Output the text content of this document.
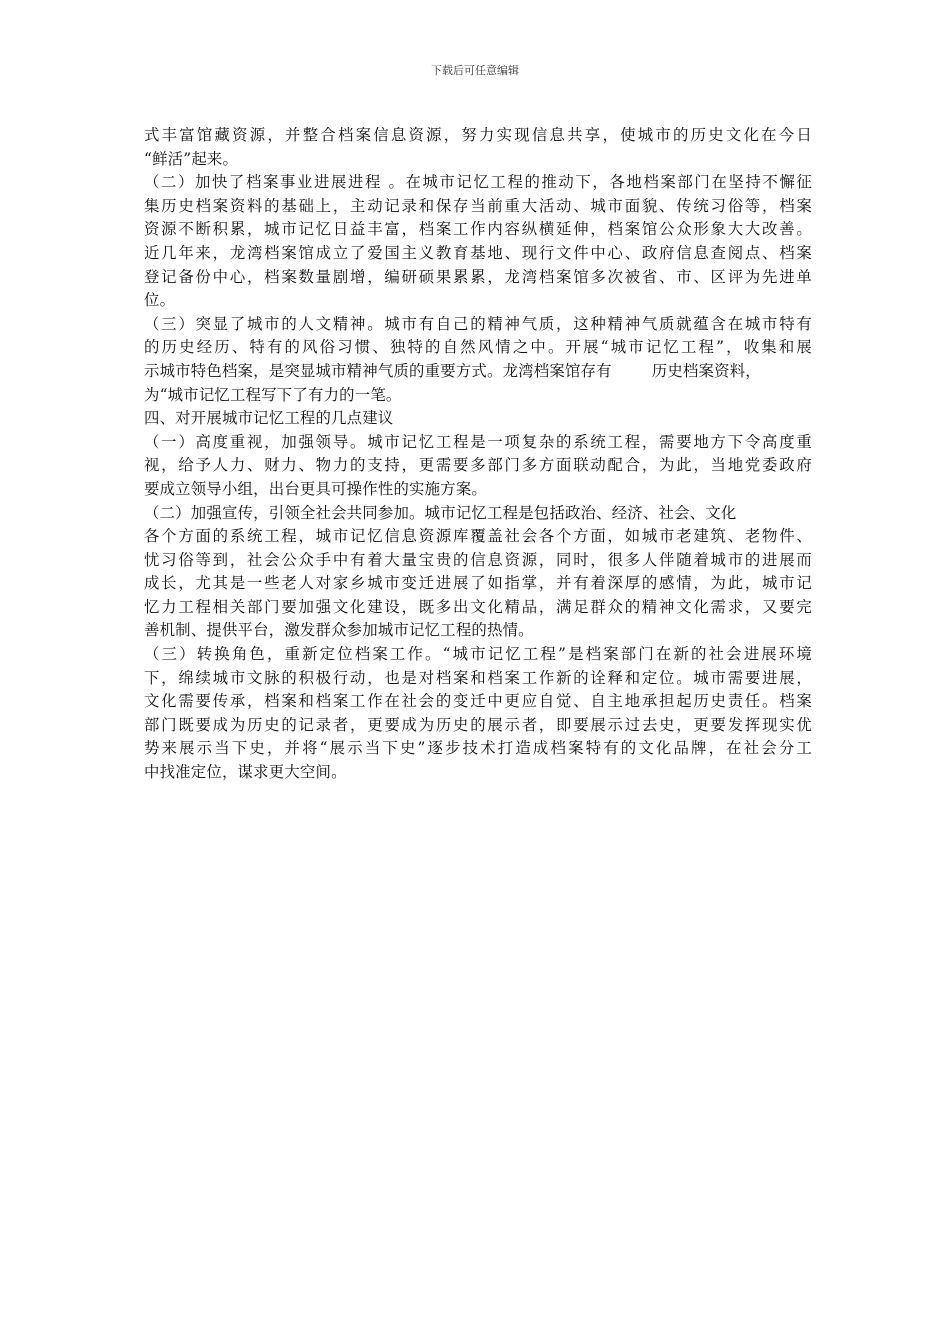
下载后可任意编辑
式丰富馆藏资源，并整合档案信息资源，努力实现信息共享，使城市的历史文化在今日
“鲜活”起来。
（二）加快了档案事业进展进程 。在城市记忆工程的推动下，各地档案部门在坚持不懈征
集历史档案资料的基础上，主动记录和保存当前重大活动、城市面貌、传统习俗等，档案
资源不断积累，城市记忆日益丰富，档案工作内容纵横延伸，档案馆公众形象大大改善。
近几年来，龙湾档案馆成立了爱国主义教育基地、现行文件中心、政府信息查阅点、档案
登记备份中心，档案数量剧增，编研硕果累累，龙湾档案馆多次被省、市、区评为先进单
位。
（三）突显了城市的人文精神。城市有自己的精神气质，这种精神气质就蕴含在城市特有
的历史经历、特有的风俗习惯、独特的自然风情之中。开展“城市记忆工程”，收集和展
示城市特色档案，是突显城市精神气质的重要方式。龙湾档案馆存有	历史档案资料，
为“城市记忆工程写下了有力的一笔。
四、对开展城市记忆工程的几点建议
（一）高度重视，加强领导。城市记忆工程是一项复杂的系统工程，需要地方下令高度重
视，给予人力、财力、物力的支持，更需要多部门多方面联动配合，为此，当地党委政府
要成立领导小组，出台更具可操作性的实施方案。
（二）加强宣传，引领全社会共同参加。城市记忆工程是包括政治、经济、社会、文化
各个方面的系统工程，城市记忆信息资源库覆盖社会各个方面，如城市老建筑、老物件、
忧习俗等到，社会公众手中有着大量宝贵的信息资源，同时，很多人伴随着城市的进展而
成长，尤其是一些老人对家乡城市变迁进展了如指掌，并有着深厚的感情，为此，城市记
忆力工程相关部门要加强文化建设，既多出文化精品，满足群众的精神文化需求，又要完
善机制、提供平台，激发群众参加城市记忆工程的热情。
（三）转换角色，重新定位档案工作。“城市记忆工程”是档案部门在新的社会进展环境
下，绵续城市文脉的积极行动，也是对档案和档案工作新的诠释和定位。城市需要进展，
文化需要传承，档案和档案工作在社会的变迁中更应自觉、自主地承担起历史责任。档案
部门既要成为历史的记录者，更要成为历史的展示者，即要展示过去史，更要发挥现实优
势来展示当下史，并将“展示当下史”逐步技术打造成档案特有的文化品牌，在社会分工
中找准定位，谋求更大空间。
